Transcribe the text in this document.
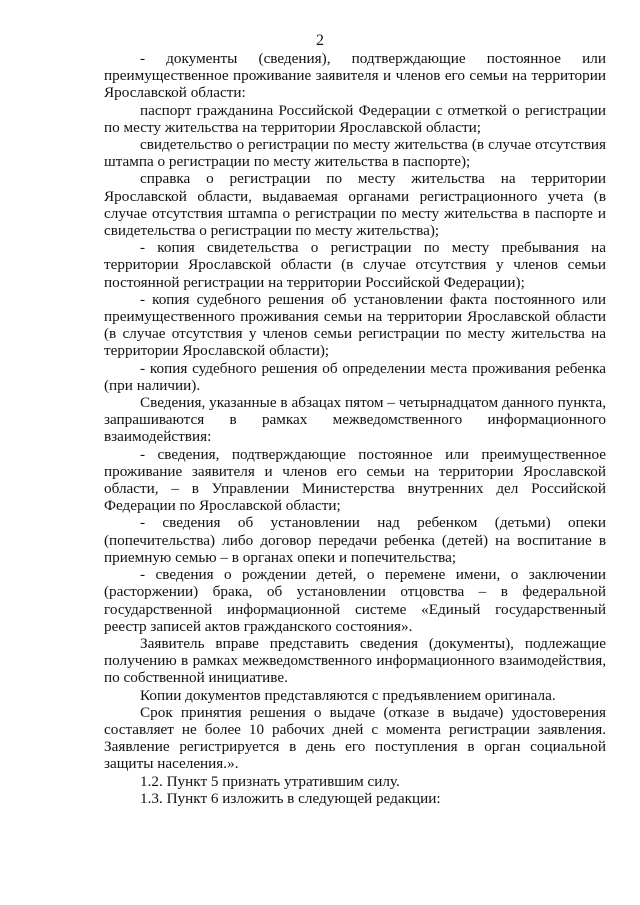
2

- документы (сведения), подтверждающие постоянное или преимущественное проживание заявителя и членов его семьи на территории Ярославской области:

паспорт гражданина Российской Федерации с отметкой о регистрации по месту жительства на территории Ярославской области;

свидетельство о регистрации по месту жительства (в случае отсутствия штампа о регистрации по месту жительства в паспорте);

справка о регистрации по месту жительства на территории Ярославской области, выдаваемая органами регистрационного учета (в случае отсутствия штампа о регистрации по месту жительства в паспорте и свидетельства о регистрации по месту жительства);

- копия свидетельства о регистрации по месту пребывания на территории Ярославской области (в случае отсутствия у членов семьи постоянной регистрации на территории Российской Федерации);

- копия судебного решения об установлении факта постоянного или преимущественного проживания семьи на территории Ярославской области (в случае отсутствия у членов семьи регистрации по месту жительства на территории Ярославской области);

- копия судебного решения об определении места проживания ребенка (при наличии).

Сведения, указанные в абзацах пятом – четырнадцатом данного пункта, запрашиваются в рамках межведомственного информационного взаимодействия:

- сведения, подтверждающие постоянное или преимущественное проживание заявителя и членов его семьи на территории Ярославской области, – в Управлении Министерства внутренних дел Российской Федерации по Ярославской области;

- сведения об установлении над ребенком (детьми) опеки (попечительства) либо договор передачи ребенка (детей) на воспитание в приемную семью – в органах опеки и попечительства;

- сведения о рождении детей, о перемене имени, о заключении (расторжении) брака, об установлении отцовства – в федеральной государственной информационной системе «Единый государственный реестр записей актов гражданского состояния».

Заявитель вправе представить сведения (документы), подлежащие получению в рамках межведомственного информационного взаимодействия, по собственной инициативе.

Копии документов представляются с предъявлением оригинала.

Срок принятия решения о выдаче (отказе в выдаче) удостоверения составляет не более 10 рабочих дней с момента регистрации заявления. Заявление регистрируется в день его поступления в орган социальной защиты населения.».

1.2. Пункт 5 признать утратившим силу.

1.3. Пункт 6 изложить в следующей редакции:
